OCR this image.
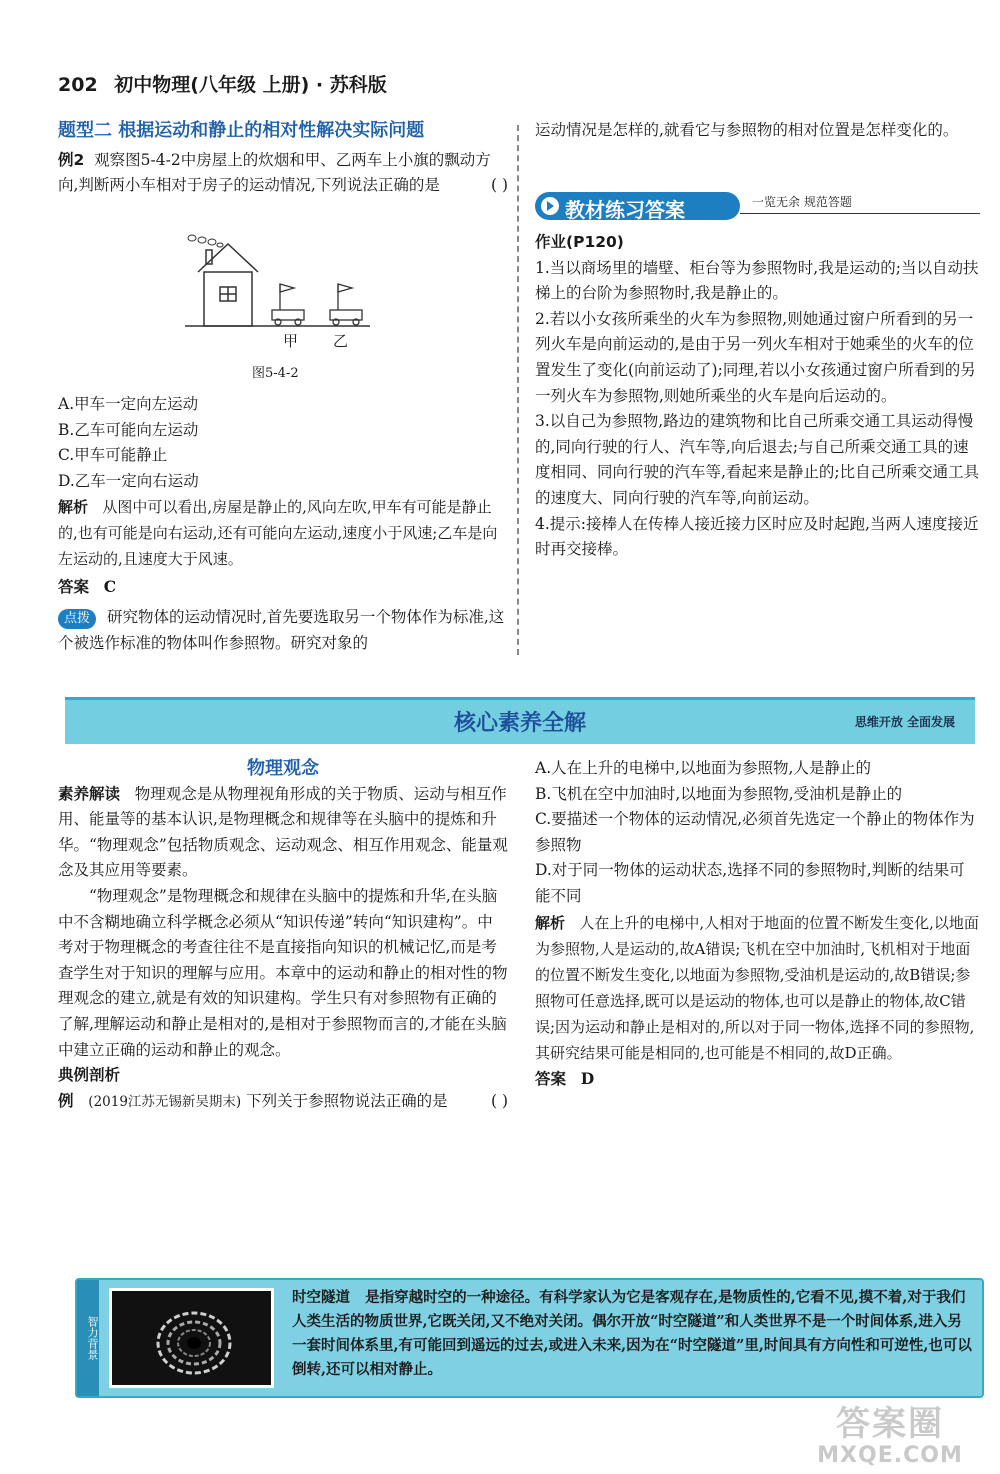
202 初中物理(八年级 上册) · 苏科版

题型二 根据运动和静止的相对性解决实际问题

例2 观察图5-4-2中房屋上的炊烟和甲、乙两车上小旗的飘动方向,判断两小车相对于房子的运动情况,下列说法正确的是	( )

甲 乙
图5-4-2

A.甲车一定向左运动

B.乙车可能向左运动

C.甲车可能静止

D.乙车一定向右运动

解析 从图中可以看出,房屋是静止的,风向左吹,甲车有可能是静止的,也有可能是向右运动,还有可能向左运动,速度小于风速;乙车是向左运动的,且速度大于风速。

答案 C

点拨 研究物体的运动情况时,首先要选取另一个物体作为标准,这个被选作标准的物体叫作参照物。研究对象的

运动情况是怎样的,就看它与参照物的相对位置是怎样变化的。

教材练习答案	一览无余 规范答题

作业(P120)

1.当以商场里的墙壁、柜台等为参照物时,我是运动的;当以自动扶梯上的台阶为参照物时,我是静止的。

2.若以小女孩所乘坐的火车为参照物,则她通过窗户所看到的另一列火车是向前运动的,是由于另一列火车相对于她乘坐的火车的位置发生了变化(向前运动了);同理,若以小女孩通过窗户所看到的另一列火车为参照物,则她所乘坐的火车是向后运动的。

3.以自己为参照物,路边的建筑物和比自己所乘交通工具运动得慢的,同向行驶的行人、汽车等,向后退去;与自己所乘交通工具的速度相同、同向行驶的汽车等,看起来是静止的;比自己所乘交通工具的速度大、同向行驶的汽车等,向前运动。

4.提示:接棒人在传棒人接近接力区时应及时起跑,当两人速度接近时再交接棒。

核心素养全解	思维开放 全面发展

物理观念

素养解读 物理观念是从物理视角形成的关于物质、运动与相互作用、能量等的基本认识,是物理概念和规律等在头脑中的提炼和升华。“物理观念”包括物质观念、运动观念、相互作用观念、能量观念及其应用等要素。

“物理观念”是物理概念和规律在头脑中的提炼和升华,在头脑中不含糊地确立科学概念必须从“知识传递”转向“知识建构”。中考对于物理概念的考查往往不是直接指向知识的机械记忆,而是考查学生对于知识的理解与应用。本章中的运动和静止的相对性的物理观念的建立,就是有效的知识建构。学生只有对参照物有正确的了解,理解运动和静止是相对的,是相对于参照物而言的,才能在头脑中建立正确的运动和静止的观念。

典例剖析

例 (2019江苏无锡新吴期末) 下列关于参照物说法正确的是	( )

A.人在上升的电梯中,以地面为参照物,人是静止的

B.飞机在空中加油时,以地面为参照物,受油机是静止的

C.要描述一个物体的运动情况,必须首先选定一个静止的物体作为参照物

D.对于同一物体的运动状态,选择不同的参照物时,判断的结果可能不同

解析 人在上升的电梯中,人相对于地面的位置不断发生变化,以地面为参照物,人是运动的,故A错误;飞机在空中加油时,飞机相对于地面的位置不断发生变化,以地面为参照物,受油机是运动的,故B错误;参照物可任意选择,既可以是运动的物体,也可以是静止的物体,故C错误;因为运动和静止是相对的,所以对于同一物体,选择不同的参照物,其研究结果可能是相同的,也可能是不相同的,故D正确。

答案 D

智力背景
时空隧道 是指穿越时空的一种途径。有科学家认为它是客观存在,是物质性的,它看不见,摸不着,对于我们人类生活的物质世界,它既关闭,又不绝对关闭。偶尔开放“时空隧道”和人类世界不是一个时间体系,进入另一套时间体系里,有可能回到遥远的过去,或进入未来,因为在“时空隧道”里,时间具有方向性和可逆性,也可以倒转,还可以相对静止。
答案圈
MXQE.COM
